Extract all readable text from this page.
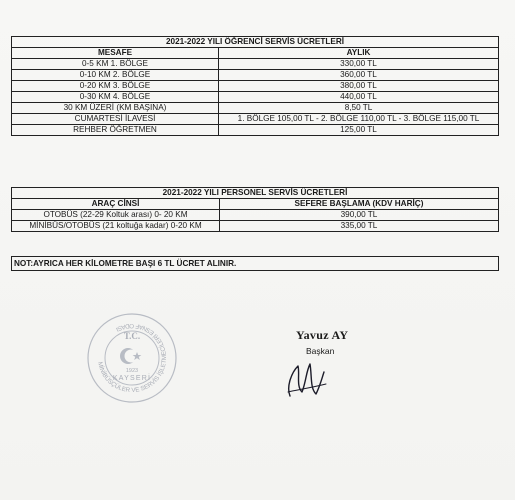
2021-2022 YILI ÖĞRENCİ SERVİS ÜCRETLERİ	
MESAFE	AYLIK
0-5 KM 1. BÖLGE	330,00 TL
0-10 KM 2. BÖLGE	360,00 TL
0-20 KM 3. BÖLGE	380,00 TL
0-30 KM 4. BÖLGE	440,00 TL
30 KM ÜZERİ (KM BAŞINA)	8,50 TL
CUMARTESİ İLAVESİ	1. BÖLGE 105,00 TL - 2. BÖLGE 110,00 TL - 3. BÖLGE 115,00 TL
REHBER ÖĞRETMEN	125,00 TL
2021-2022 YILI PERSONEL SERVİS ÜCRETLERİ	
ARAÇ CİNSİ	SEFERE BAŞLAMA (KDV HARİÇ)
OTOBÜS (22-29 Koltuk arası) 0- 20 KM	390,00 TL
MİNİBÜS/OTOBÜS (21 koltuğa kadar) 0-20 KM	335,00 TL
NOT:AYRICA HER KİLOMETRE BAŞI 6 TL ÜCRET ALINIR.
MİNİBÜSÇÜLER VE SERVİS İŞLETMECİLERİ ESNAF ODASI
T.C.
1923
KAYSERİ
Yavuz AY
Başkan
